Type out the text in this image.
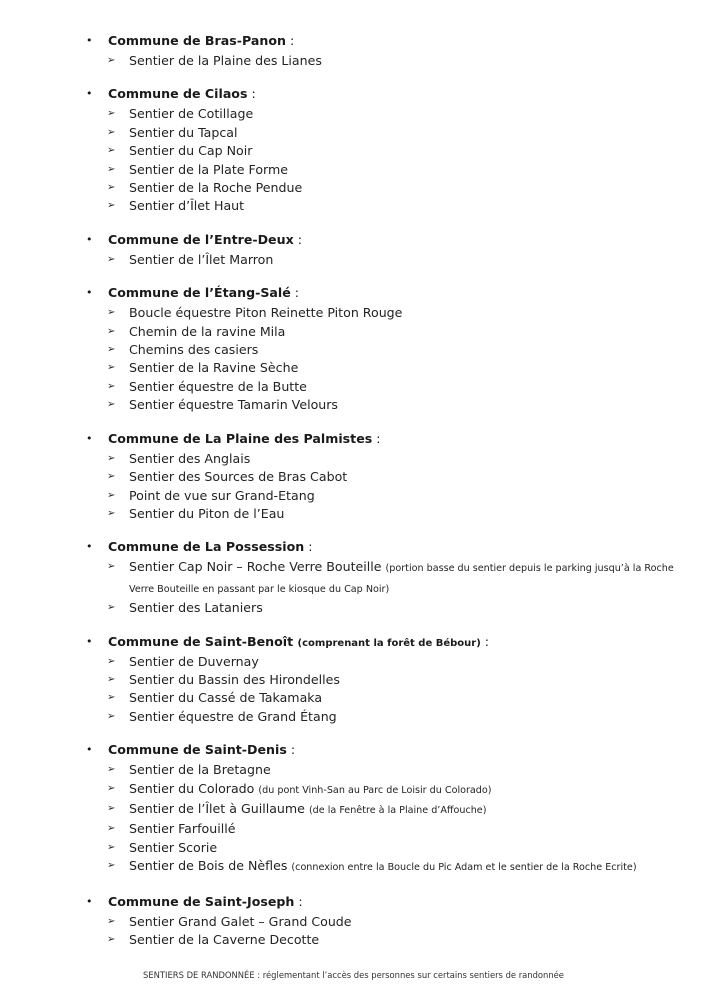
• Commune de Bras-Panon :
➢ Sentier de la Plaine des Lianes
• Commune de Cilaos :
➢ Sentier de Cotillage
➢ Sentier du Tapcal
➢ Sentier du Cap Noir
➢ Sentier de la Plate Forme
➢ Sentier de la Roche Pendue
➢ Sentier d’Îlet Haut
• Commune de l’Entre-Deux :
➢ Sentier de l’Îlet Marron
• Commune de l’Étang-Salé :
➢ Boucle équestre Piton Reinette Piton Rouge
➢ Chemin de la ravine Mila
➢ Chemins des casiers
➢ Sentier de la Ravine Sèche
➢ Sentier équestre de la Butte
➢ Sentier équestre Tamarin Velours
• Commune de La Plaine des Palmistes :
➢ Sentier des Anglais
➢ Sentier des Sources de Bras Cabot
➢ Point de vue sur Grand-Etang
➢ Sentier du Piton de l’Eau
• Commune de La Possession :
➢ Sentier Cap Noir – Roche Verre Bouteille (portion basse du sentier depuis le parking jusqu’à la Roche Verre Bouteille en passant par le kiosque du Cap Noir)
➢ Sentier des Lataniers
• Commune de Saint-Benoît (comprenant la forêt de Bébour) :
➢ Sentier de Duvernay
➢ Sentier du Bassin des Hirondelles
➢ Sentier du Cassé de Takamaka
➢ Sentier équestre de Grand Étang
• Commune de Saint-Denis :
➢ Sentier de la Bretagne
➢ Sentier du Colorado (du pont Vinh-San au Parc de Loisir du Colorado)
➢ Sentier de l’Îlet à Guillaume (de la Fenêtre à la Plaine d’Affouche)
➢ Sentier Farfouillé
➢ Sentier Scorie
➢ Sentier de Bois de Nèfles (connexion entre la Boucle du Pic Adam et le sentier de la Roche Ecrite)
• Commune de Saint-Joseph :
➢ Sentier Grand Galet – Grand Coude
➢ Sentier de la Caverne Decotte
SENTIERS DE RANDONNÉE : réglementant l’accès des personnes sur certains sentiers de randonnée
